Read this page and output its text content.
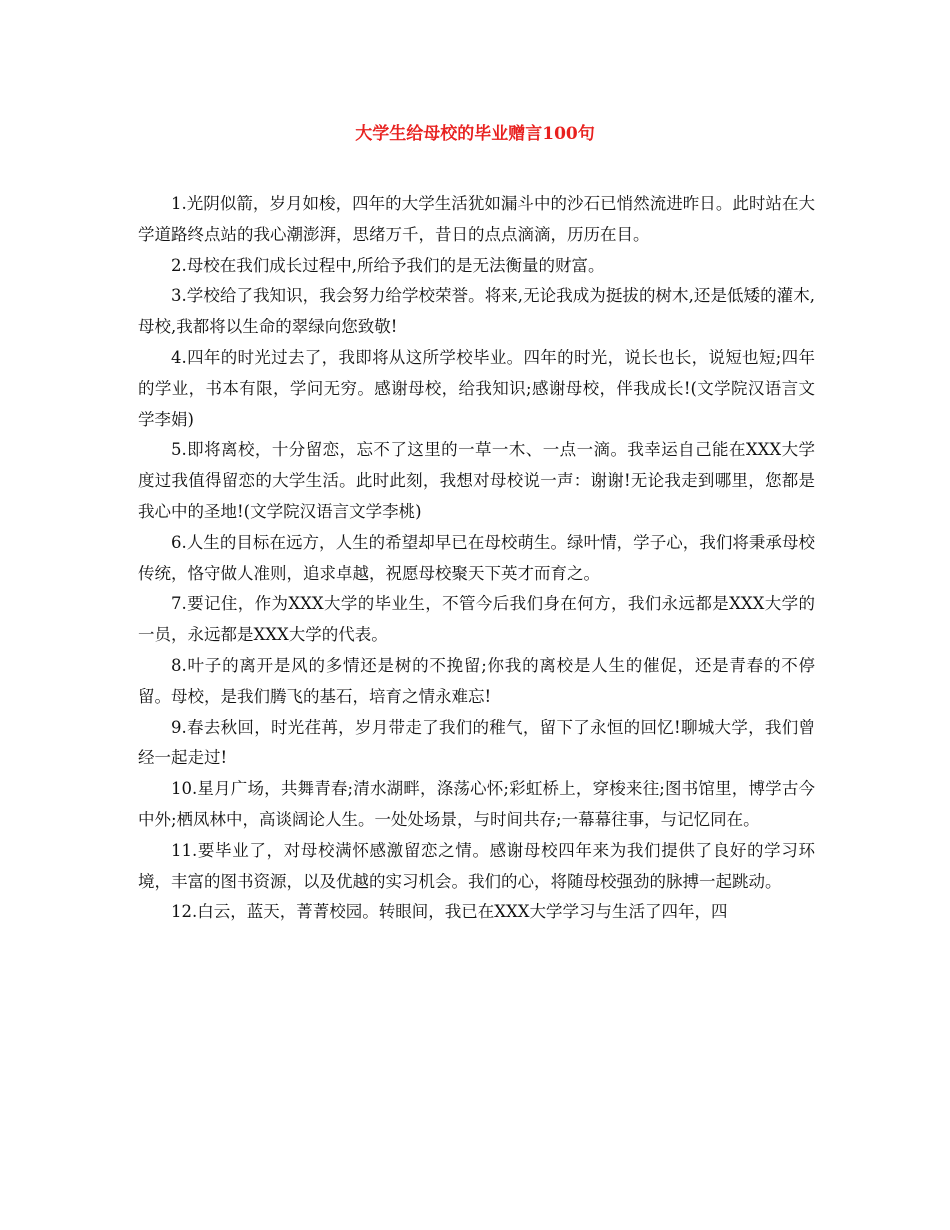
大学生给母校的毕业赠言100句

1.光阴似箭，岁月如梭，四年的大学生活犹如漏斗中的沙石已悄然流进昨日。此时站在大学道路终点站的我心潮澎湃，思绪万千，昔日的点点滴滴，历历在目。

2.母校在我们成长过程中,所给予我们的是无法衡量的财富。

3.学校给了我知识，我会努力给学校荣誉。将来,无论我成为挺拔的树木,还是低矮的灌木,母校,我都将以生命的翠绿向您致敬!

4.四年的时光过去了，我即将从这所学校毕业。四年的时光，说长也长，说短也短;四年的学业，书本有限，学问无穷。感谢母校，给我知识;感谢母校，伴我成长!(文学院汉语言文学李娟)

5.即将离校，十分留恋，忘不了这里的一草一木、一点一滴。我幸运自己能在XXX大学度过我值得留恋的大学生活。此时此刻，我想对母校说一声：谢谢!无论我走到哪里，您都是我心中的圣地!(文学院汉语言文学李桃)

6.人生的目标在远方，人生的希望却早已在母校萌生。绿叶情，学子心，我们将秉承母校传统，恪守做人准则，追求卓越，祝愿母校聚天下英才而育之。

7.要记住，作为XXX大学的毕业生，不管今后我们身在何方，我们永远都是XXX大学的一员，永远都是XXX大学的代表。

8.叶子的离开是风的多情还是树的不挽留;你我的离校是人生的催促，还是青春的不停留。母校，是我们腾飞的基石，培育之情永难忘!

9.春去秋回，时光荏苒，岁月带走了我们的稚气，留下了永恒的回忆!聊城大学，我们曾经一起走过!

10.星月广场，共舞青春;清水湖畔，涤荡心怀;彩虹桥上，穿梭来往;图书馆里，博学古今中外;栖凤林中，高谈阔论人生。一处处场景，与时间共存;一幕幕往事，与记忆同在。

11.要毕业了，对母校满怀感激留恋之情。感谢母校四年来为我们提供了良好的学习环境，丰富的图书资源，以及优越的实习机会。我们的心，将随母校强劲的脉搏一起跳动。

12.白云，蓝天，菁菁校园。转眼间，我已在XXX大学学习与生活了四年，四
